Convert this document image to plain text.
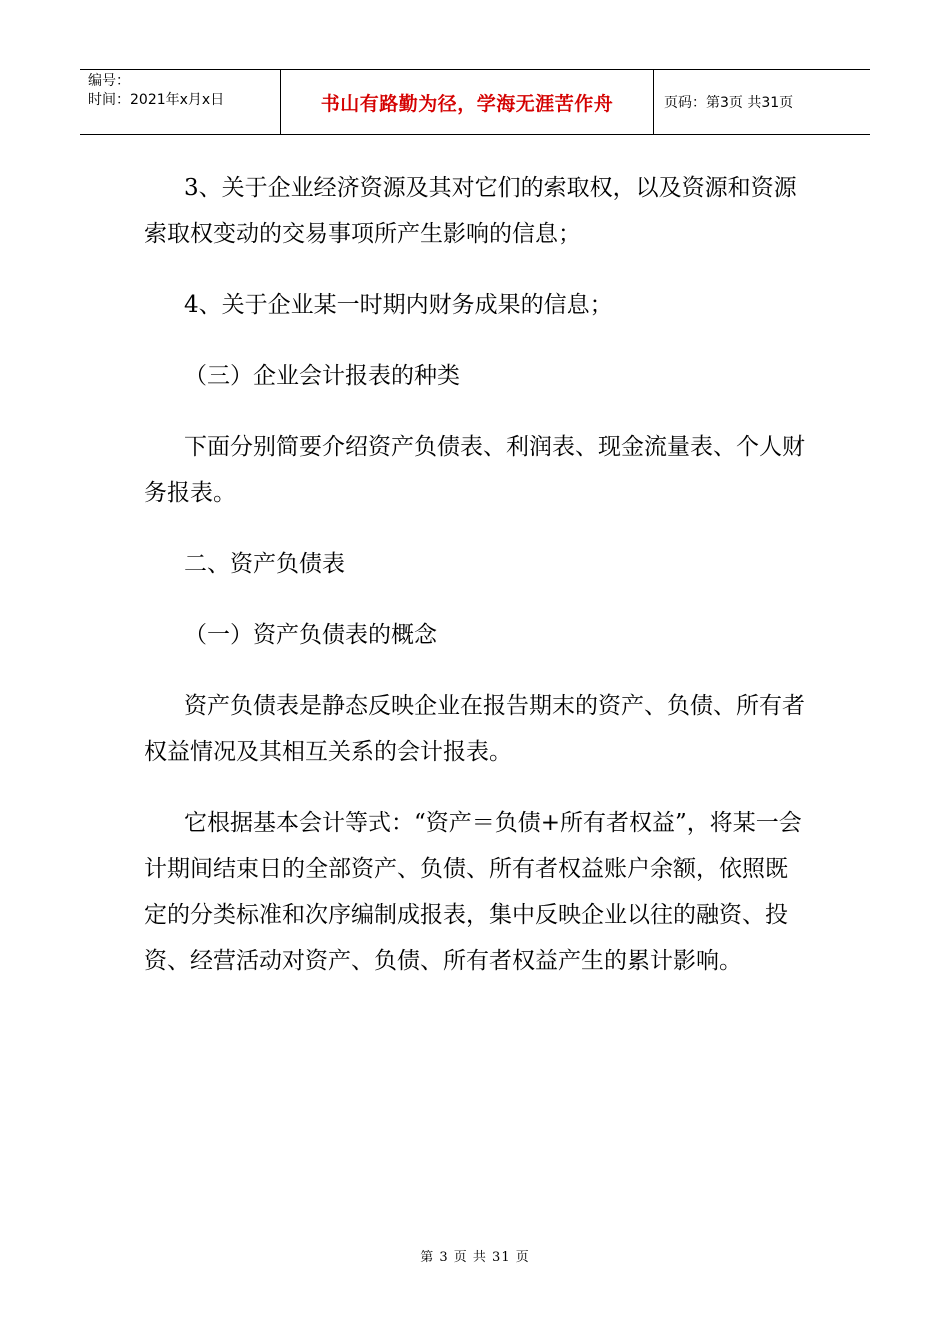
编号：
时间：2021年x月x日	书山有路勤为径，学海无涯苦作舟	页码：第3页 共31页

3、关于企业经济资源及其对它们的索取权，以及资源和资源索取权变动的交易事项所产生影响的信息；

4、关于企业某一时期内财务成果的信息；

（三）企业会计报表的种类

下面分别简要介绍资产负债表、利润表、现金流量表、个人财务报表。

二、资产负债表

（一）资产负债表的概念

资产负债表是静态反映企业在报告期末的资产、负债、所有者权益情况及其相互关系的会计报表。

它根据基本会计等式：“资产＝负债+所有者权益”，将某一会计期间结束日的全部资产、负债、所有者权益账户余额，依照既定的分类标准和次序编制成报表，集中反映企业以往的融资、投资、经营活动对资产、负债、所有者权益产生的累计影响。

第 3 页 共 31 页
